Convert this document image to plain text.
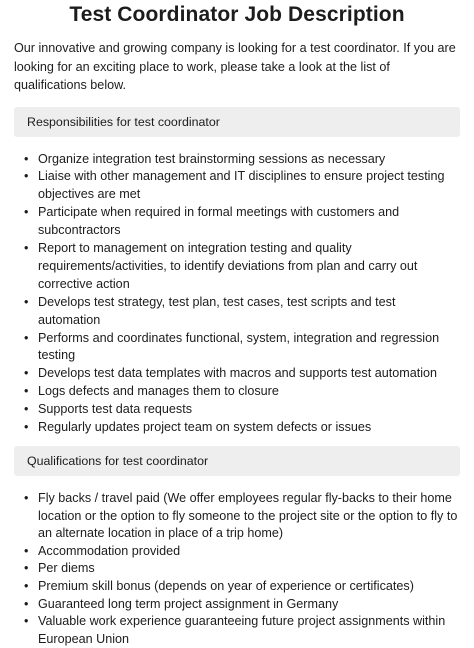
Test Coordinator Job Description

Our innovative and growing company is looking for a test coordinator. If you are looking for an exciting place to work, please take a look at the list of qualifications below.

Responsibilities for test coordinator
• Organize integration test brainstorming sessions as necessary
• Liaise with other management and IT disciplines to ensure project testing objectives are met
• Participate when required in formal meetings with customers and subcontractors
• Report to management on integration testing and quality requirements/activities, to identify deviations from plan and carry out corrective action
• Develops test strategy, test plan, test cases, test scripts and test automation
• Performs and coordinates functional, system, integration and regression testing
• Develops test data templates with macros and supports test automation
• Logs defects and manages them to closure
• Supports test data requests
• Regularly updates project team on system defects or issues
Qualifications for test coordinator
• Fly backs / travel paid (We offer employees regular fly-backs to their home location or the option to fly someone to the project site or the option to fly to an alternate location in place of a trip home)
• Accommodation provided
• Per diems
• Premium skill bonus (depends on year of experience or certificates)
• Guaranteed long term project assignment in Germany
• Valuable work experience guaranteeing future project assignments within European Union
